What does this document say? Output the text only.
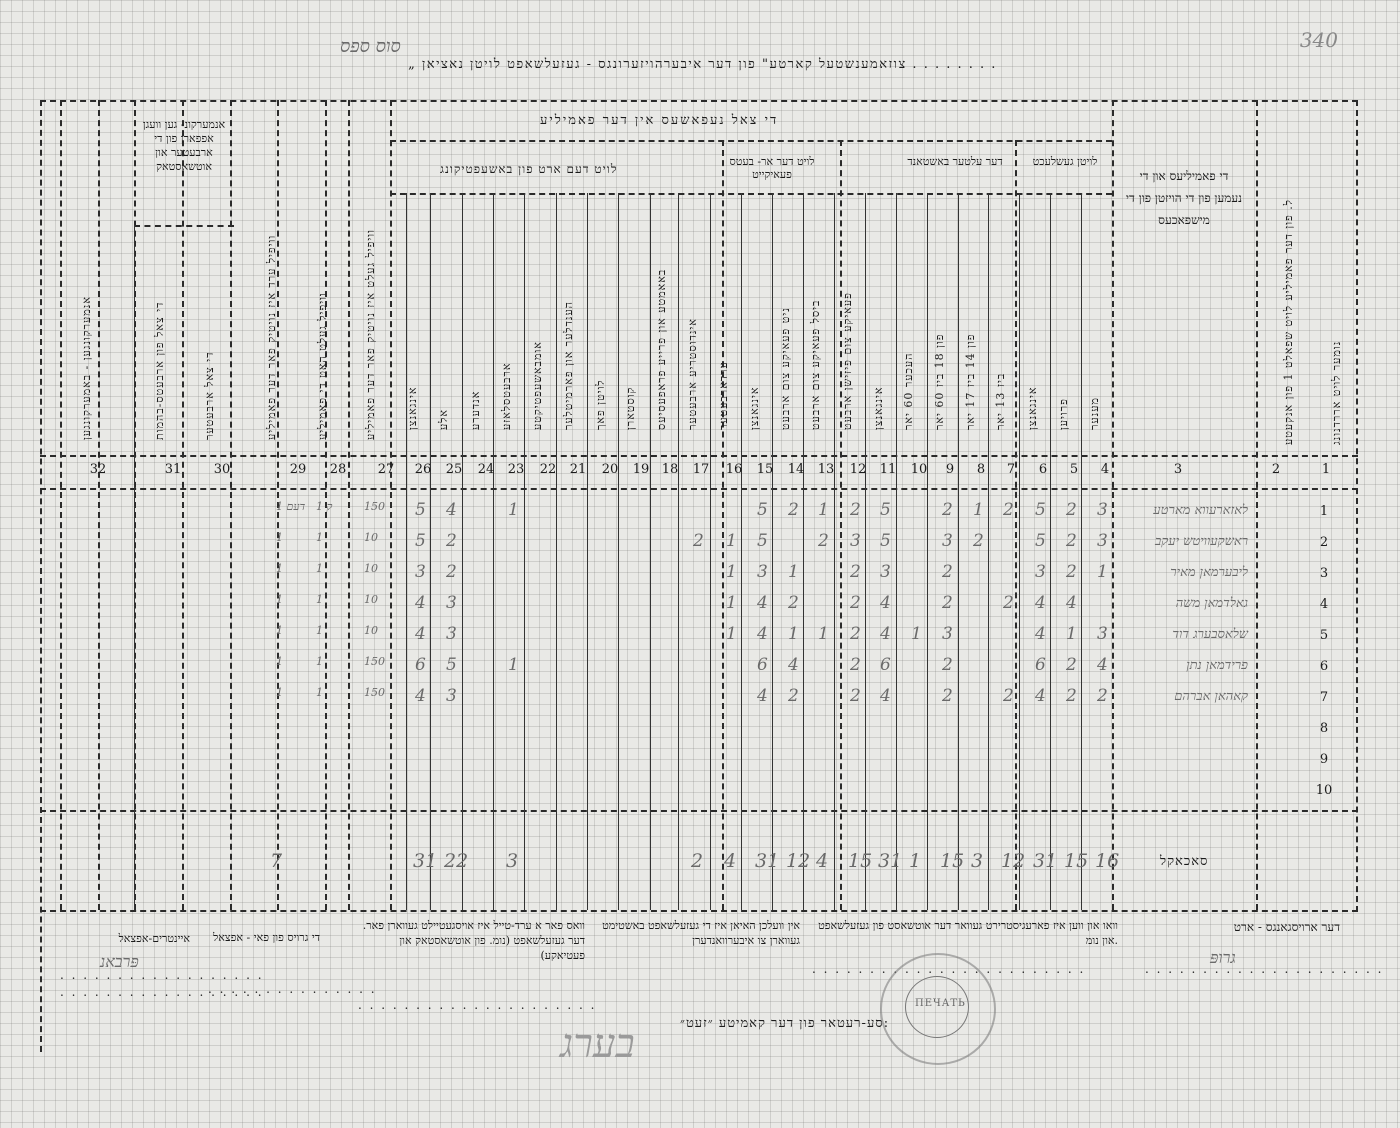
„ צוזאמענשטעל קארטע" פון דער איבערהויזערונגס - געזעלשאפט לויטן נאציאן . . . . . . . .
340
סוס ספס
די צאל נעפאשעס אין דער פאמיליע
לויט דעם ארט פון באשעפטיקונג
לויט דער אר- בעטס פעאיקייט
דער עלטער באשטאנד	לויטן געשלעכט
די פאמיליעס און די נעמען פון די הויזטן פון די מישפאכעס
נומער לויט אררדנונג
ל. פון דער פאמיליע לויט שפאלט 1 פון אנקעטע
מענער
פרויען
אינגאנצן
ביז 13 יאר
פון 14 ביז 17 יאר
פון 18 ביז 60 יאר
העכער 60 יאר
אינגאנצן
פעאיקע צום פיזישן ארבעט
ביסל פעאיקע צום ארבעט
ניט פעאיקע צום ארבעט
אינגאנצן
ערדארבעטער
אינדוסטריע ארבעטער
באאמטע און פרייע פראפעסיעס
קוסטארן
לויטן פאך
הענדלער און פארמיטלער
אומבאשעפטיקטע
ארבעטסלאזע
אנדערע
אלע
אינגאנצן
וויפיל געלט איז נויטיק פאר דער פאמיליע
וויפיל געלט האט די פאמיליע
וויפיל ערד איז נויטיק פאר דער פאמיליע
די צאל ארבעטער
די צאל פון ארבעטס-בהמות
אנמערקונגען - באמערקונגען
אנמערקונ- גען וועגן אפפארן פון די ארבעטער און אוטשאסטאק
1
2
3
4
5
6
7
8
9
10
11
12
13
14
15
16
17
18
19
20
21
22
23
24
25
26
27
28
29
30
31
32
1
2
3
4
5
6
7
8
9
10
לאזארעווא מארטע
3
2
5
2
1
2
5
2
1
2
5
1
4
5
150
1 ק
1 דעם
ראשקעוויטש יעקב
3
2
5
2
3
5
3
2
5
1
2
2
5
10
1
1
ליבערמאן מאיר
1
2
3
2
3
2
1
3
1
2
3
10
1
1
גאלדמאן משה
4
4
2
2
4
2
2
4
1
3
4
10
1
1
שלאסבערג דוד
3
1
4
3
1
4
2
1
1
4
1
3
4
10
1
1
פרידמאן נתן
4
2
6
2
6
2
4
6
1
5
6
150
1
1
קאהאן אברהם
2
2
4
2
2
4
2
2
4
3
4
150
1
1
16
15
31
12
3
15
1
31
15
4
12
31
4
2
3
22
31
7	סאכאקל
דער ארויסגאנגס - ארט
וואו און ווען איז פארעגיסטרירט געוואר דער אוטשאסט פון געזעלשאפט און נומ.
אין וועלכן האיאן איז די געזעלשאפט באשטימט געווארן צו איבערוואנדערן
וואס פאר א ערד-טייל איז אויסגעטיילט געווארן פאר. דער געזעלשאפט (נומ. פון אוטשאסטאק און פעטיאקע)
די גרויס פון פאי - אפצאל
איינטרים-אפצאל
סע-רעטאר פון דער קאמיטע ״זעט״:
. . . . . . . . . . . . . . . . . . . . .
. . . . . . . . . . . . . . . . . . . . . . . .
. . . . . . . . . . . . . . . . . . . . .
. . . . . . . . . . . . . . .
. . . . . . . . . . . . . . . . . .
. . . . . . . . . . . . . . . . . .
גרופּ
פּרבאנ
בערג
ПЕЧАТЬ
